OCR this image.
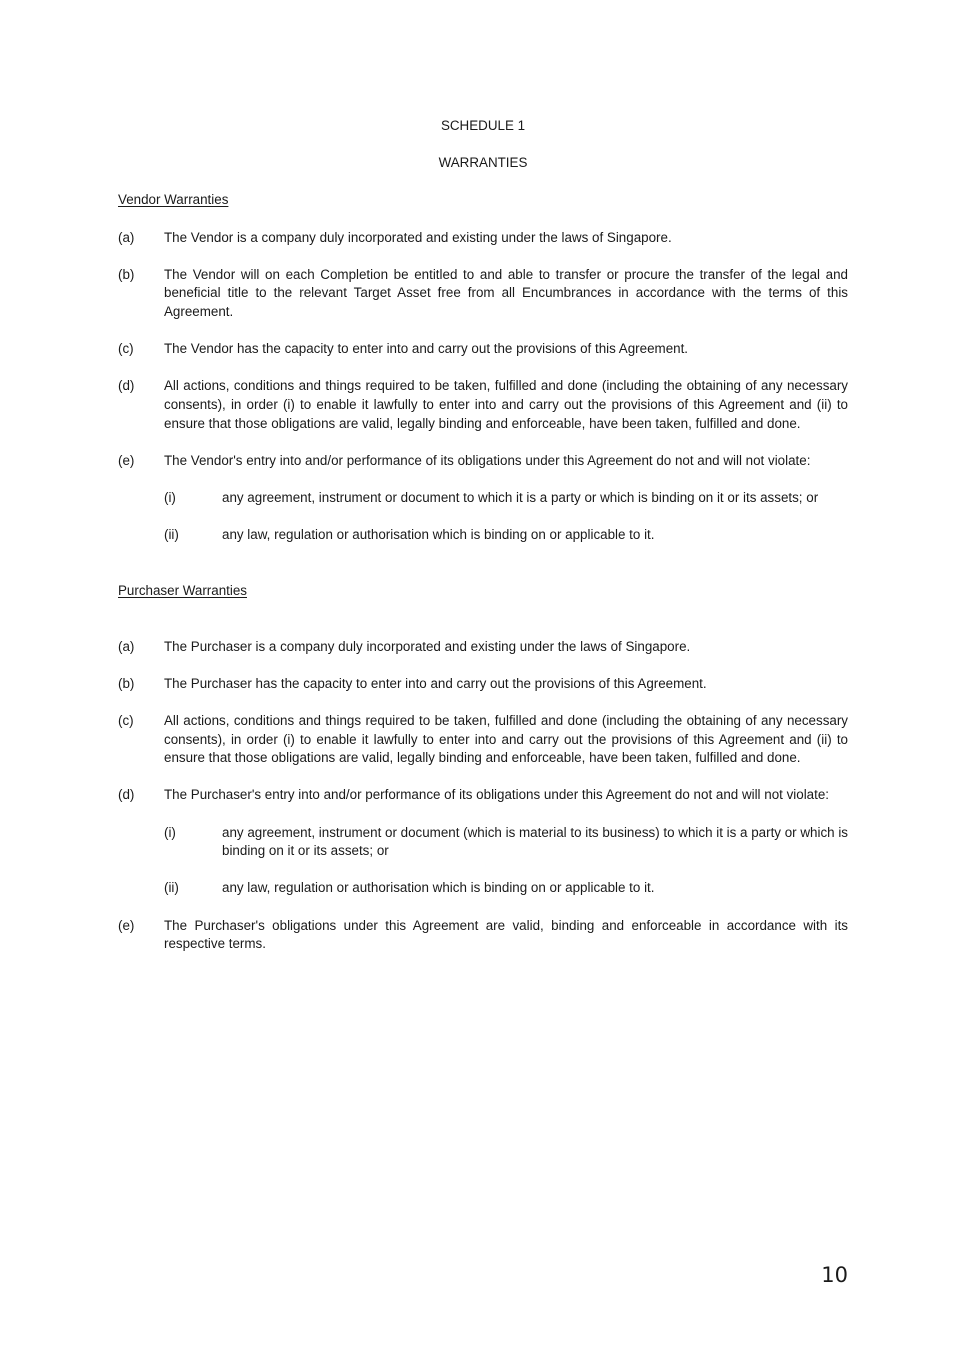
SCHEDULE 1
WARRANTIES
Vendor Warranties
(a)	The Vendor is a company duly incorporated and existing under the laws of Singapore.
(b)	The Vendor will on each Completion be entitled to and able to transfer or procure the transfer of the legal and beneficial title to the relevant Target Asset free from all Encumbrances in accordance with the terms of this Agreement.
(c)	The Vendor has the capacity to enter into and carry out the provisions of this Agreement.
(d)	All actions, conditions and things required to be taken, fulfilled and done (including the obtaining of any necessary consents), in order (i) to enable it lawfully to enter into and carry out the provisions of this Agreement and (ii) to ensure that those obligations are valid, legally binding and enforceable, have been taken, fulfilled and done.
(e)	The Vendor's entry into and/or performance of its obligations under this Agreement do not and will not violate:
(i)	any agreement, instrument or document to which it is a party or which is binding on it or its assets; or
(ii)	any law, regulation or authorisation which is binding on or applicable to it.
Purchaser Warranties
(a)	The Purchaser is a company duly incorporated and existing under the laws of Singapore.
(b)	The Purchaser has the capacity to enter into and carry out the provisions of this Agreement.
(c)	All actions, conditions and things required to be taken, fulfilled and done (including the obtaining of any necessary consents), in order (i) to enable it lawfully to enter into and carry out the provisions of this Agreement and (ii) to ensure that those obligations are valid, legally binding and enforceable, have been taken, fulfilled and done.
(d)	The Purchaser's entry into and/or performance of its obligations under this Agreement do not and will not violate:
(i)	any agreement, instrument or document (which is material to its business) to which it is a party or which is binding on it or its assets; or
(ii)	any law, regulation or authorisation which is binding on or applicable to it.
(e)	The Purchaser's obligations under this Agreement are valid, binding and enforceable in accordance with its respective terms.
10
